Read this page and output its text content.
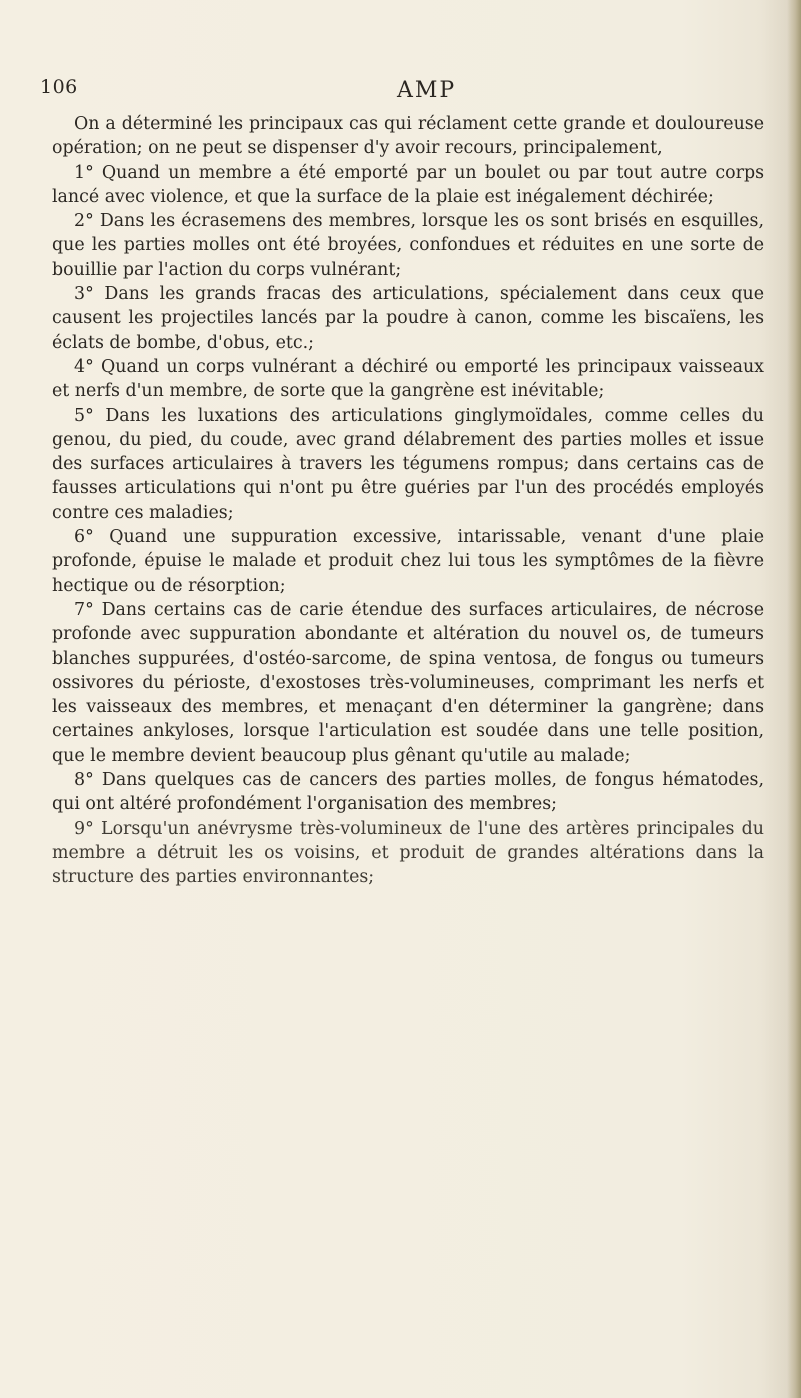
106	AMP

On a déterminé les principaux cas qui réclament cette grande et douloureuse opération; on ne peut se dispenser d'y avoir recours, principalement,

1° Quand un membre a été emporté par un boulet ou par tout autre corps lancé avec violence, et que la surface de la plaie est inégalement déchirée;

2° Dans les écrasemens des membres, lorsque les os sont brisés en esquilles, que les parties molles ont été broyées, confondues et réduites en une sorte de bouillie par l'action du corps vulnérant;

3° Dans les grands fracas des articulations, spécialement dans ceux que causent les projectiles lancés par la poudre à canon, comme les biscaïens, les éclats de bombe, d'obus, etc.;

4° Quand un corps vulnérant a déchiré ou emporté les principaux vaisseaux et nerfs d'un membre, de sorte que la gangrène est inévitable;

5° Dans les luxations des articulations ginglymoïdales, comme celles du genou, du pied, du coude, avec grand délabrement des parties molles et issue des surfaces articulaires à travers les tégumens rompus; dans certains cas de fausses articulations qui n'ont pu être guéries par l'un des procédés employés contre ces maladies;

6° Quand une suppuration excessive, intarissable, venant d'une plaie profonde, épuise le malade et produit chez lui tous les symptômes de la fièvre hectique ou de résorption;

7° Dans certains cas de carie étendue des surfaces articulaires, de nécrose profonde avec suppuration abondante et altération du nouvel os, de tumeurs blanches suppurées, d'ostéo-sarcome, de spina ventosa, de fongus ou tumeurs ossivores du périoste, d'exostoses très-volumineuses, comprimant les nerfs et les vaisseaux des membres, et menaçant d'en déterminer la gangrène; dans certaines ankyloses, lorsque l'articulation est soudée dans une telle position, que le membre devient beaucoup plus gênant qu'utile au malade;

8° Dans quelques cas de cancers des parties molles, de fongus hématodes, qui ont altéré profondément l'organisation des membres;

9° Lorsqu'un anévrysme très-volumineux de l'une des artères principales du membre a détruit les os voisins, et produit de grandes altérations dans la structure des parties environnantes;
